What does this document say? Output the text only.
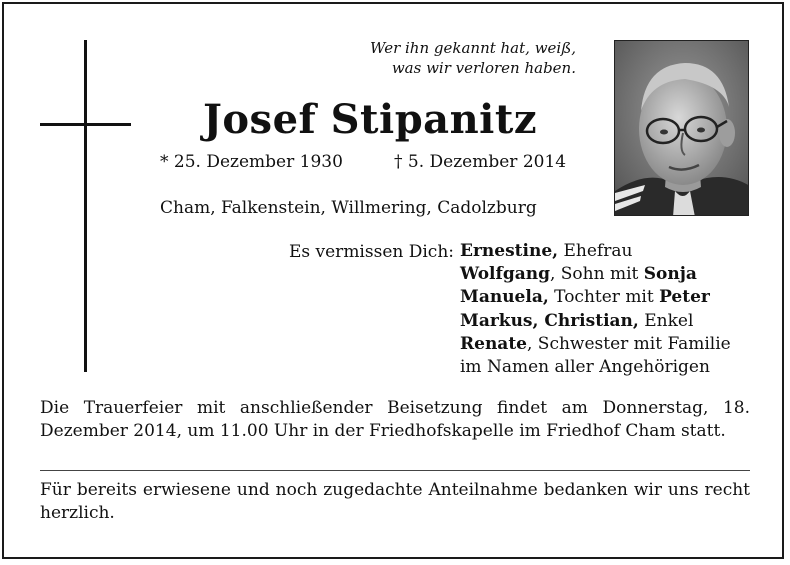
Wer ihn gekannt hat, weiß,
was wir verloren haben.
Josef Stipanitz
* 25. Dezember 1930	† 5. Dezember 2014
Cham, Falkenstein, Willmering, Cadolzburg
Es vermissen Dich: Ernestine, Ehefrau
Wolfgang, Sohn mit Sonja
Manuela, Tochter mit Peter
Markus, Christian, Enkel
Renate, Schwester mit Familie
im Namen aller Angehörigen
Die Trauerfeier mit anschließender Beisetzung findet am Donnerstag, 18. Dezember 2014, um 11.00 Uhr in der Friedhofskapelle im Friedhof Cham statt.
Für bereits erwiesene und noch zugedachte Anteilnahme bedanken wir uns recht herzlich.
